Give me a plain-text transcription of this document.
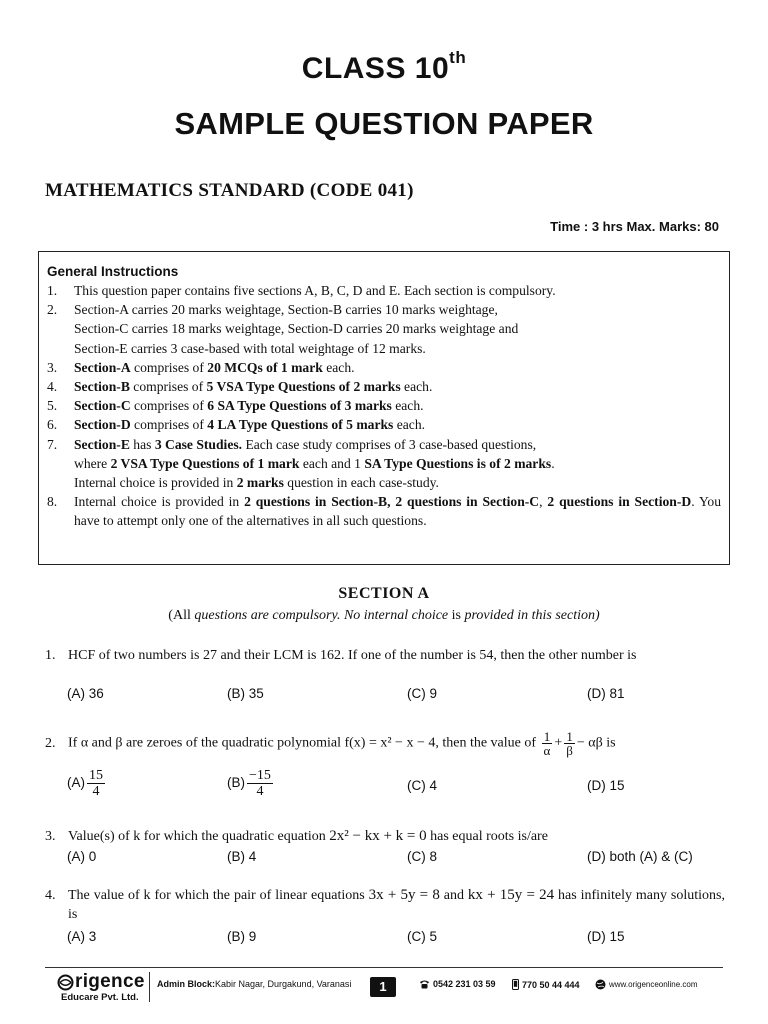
CLASS 10th
SAMPLE QUESTION PAPER
MATHEMATICS STANDARD (CODE 041)
Time : 3 hrs Max. Marks: 80
General Instructions
1.	This question paper contains five sections A, B, C, D and E. Each section is compulsory.
2.	Section-A carries 20 marks weightage, Section-B carries 10 marks weightage,
Section-C carries 18 marks weightage, Section-D carries 20 marks weightage and
Section-E carries 3 case-based with total weightage of 12 marks.
3.	Section-A comprises of 20 MCQs of 1 mark each.
4.	Section-B comprises of 5 VSA Type Questions of 2 marks each.
5.	Section-C comprises of 6 SA Type Questions of 3 marks each.
6.	Section-D comprises of 4 LA Type Questions of 5 marks each.
7.	Section-E has 3 Case Studies. Each case study comprises of 3 case-based questions,
where 2 VSA Type Questions of 1 mark each and 1 SA Type Questions is of 2 marks.
Internal choice is provided in 2 marks question in each case-study.
8.	Internal choice is provided in 2 questions in Section-B, 2 questions in Section-C, 2 questions in Section-D. You have to attempt only one of the alternatives in all such questions.
SECTION A
(All questions are compulsory. No internal choice is provided in this section)
1. HCF of two numbers is 27 and their LCM is 162. If one of the number is 54, then the other number is
(A) 36	(B) 35	(C) 9	(D) 81
2. If α and β are zeroes of the quadratic polynomial f(x) = x² − x − 4, then the value of $\frac{1}{\alpha} + \frac{1}{\beta} - \alpha\beta$ is
$(A) \frac{15}{4}$	$(B) \frac{-15}{4}$	(C) 4	(D) 15
3. Value(s) of k for which the quadratic equation 2x² − kx + k = 0 has equal roots is/are
(A) 0	(B) 4	(C) 8	(D) both (A) & (C)
4. The value of k for which the pair of linear equations 3x + 5y = 8 and kx + 15y = 24 has infinitely many solutions, is
(A) 3	(B) 9	(C) 5	(D) 15
rigence
Educare Pvt. Ltd.
Admin Block:Kabir Nagar, Durgakund, Varanasi	1	0542 231 03 59	770 50 44 444	www.origenceonline.com
